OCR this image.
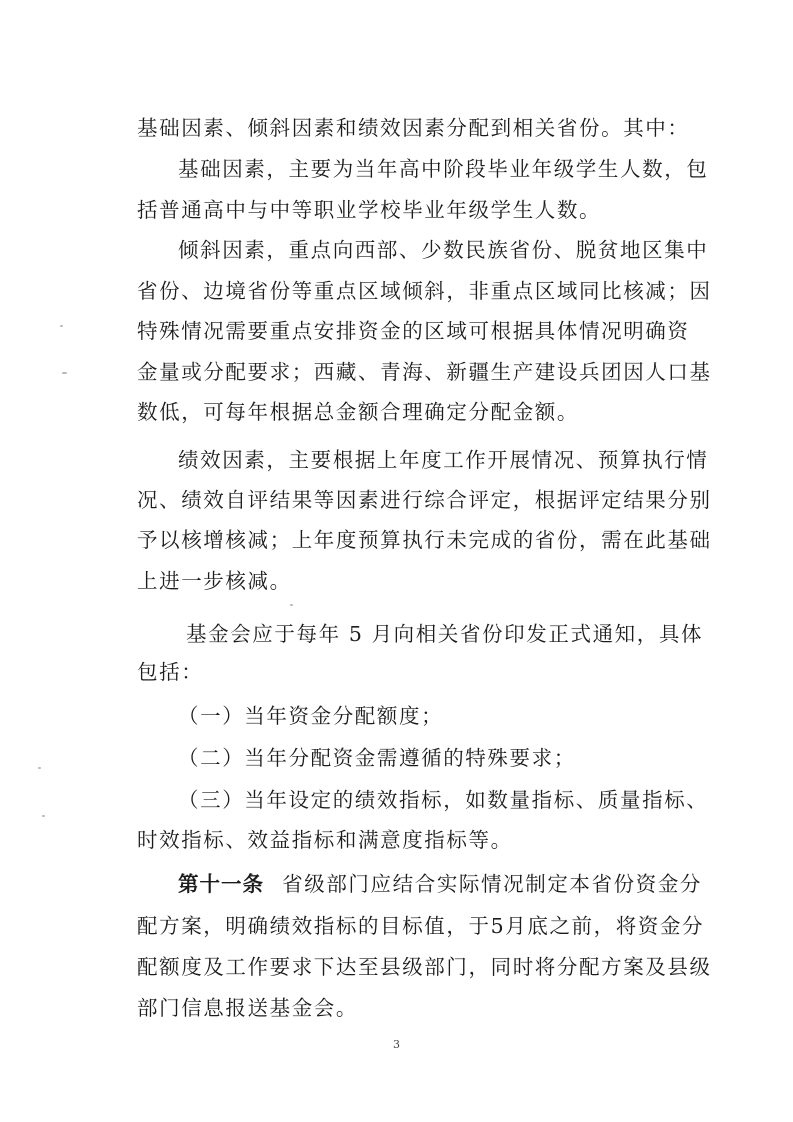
基础因素、倾斜因素和绩效因素分配到相关省份。其中：
基础因素，主要为当年高中阶段毕业年级学生人数，包
括普通高中与中等职业学校毕业年级学生人数。
倾斜因素，重点向西部、少数民族省份、脱贫地区集中
省份、边境省份等重点区域倾斜，非重点区域同比核减；因
特殊情况需要重点安排资金的区域可根据具体情况明确资
金量或分配要求；西藏、青海、新疆生产建设兵团因人口基
数低，可每年根据总金额合理确定分配金额。
绩效因素，主要根据上年度工作开展情况、预算执行情
况、绩效自评结果等因素进行综合评定，根据评定结果分别
予以核增核减；上年度预算执行未完成的省份，需在此基础
上进一步核减。
基金会应于每年 5 月向相关省份印发正式通知，具体
包括：
（一）当年资金分配额度；
（二）当年分配资金需遵循的特殊要求；
（三）当年设定的绩效指标，如数量指标、质量指标、
时效指标、效益指标和满意度指标等。
第十一条 省级部门应结合实际情况制定本省份资金分
配方案，明确绩效指标的目标值，于5月底之前，将资金分
配额度及工作要求下达至县级部门，同时将分配方案及县级
部门信息报送基金会。
3
